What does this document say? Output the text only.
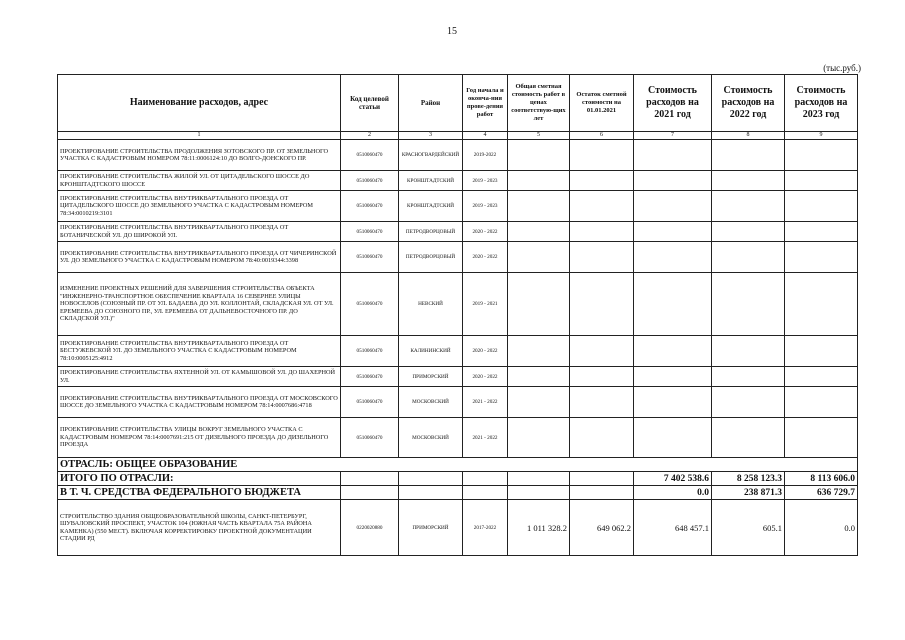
15
(тыс.руб.)
Наименование расходов, адрес	Код целевой статьи	Район	Год начала и оконча-ния прове-дения работ	Общая сметная стоимость работ в ценах соответствую-щих лет	Остаток сметной стоимости на 01.01.2021	Стоимость расходов на 2021 год	Стоимость расходов на 2022 год	Стоимость расходов на 2023 год
1	2	3	4	5	6	7	8	9
ПРОЕКТИРОВАНИЕ СТРОИТЕЛЬСТВА ПРОДОЛЖЕНИЯ ЗОТОВСКОГО ПР. ОТ ЗЕМЕЛЬНОГО УЧАСТКА С КАДАСТРОВЫМ НОМЕРОМ 78:11:0006124:10 ДО ВОЛГО-ДОНСКОГО ПР.	0510060470	КРАСНОГВАРДЕЙСКИЙ	2019-2022					
ПРОЕКТИРОВАНИЕ СТРОИТЕЛЬСТВА ЖИЛОЙ УЛ. ОТ ЦИТАДЕЛЬСКОГО ШОССЕ ДО КРОНШТАДТСКОГО ШОССЕ	0510060470	КРОНШТАДТСКИЙ	2019 - 2023					
ПРОЕКТИРОВАНИЕ СТРОИТЕЛЬСТВА ВНУТРИКВАРТАЛЬНОГО ПРОЕЗДА ОТ ЦИТАДЕЛЬСКОГО ШОССЕ ДО ЗЕМЕЛЬНОГО УЧАСТКА С КАДАСТРОВЫМ НОМЕРОМ 78:34:0010219:3101	0510060470	КРОНШТАДТСКИЙ	2019 - 2023					
ПРОЕКТИРОВАНИЕ СТРОИТЕЛЬСТВА ВНУТРИКВАРТАЛЬНОГО ПРОЕЗДА ОТ БОТАНИЧЕСКОЙ УЛ. ДО ШИРОКОЙ УЛ.	0510060470	ПЕТРОДВОРЦОВЫЙ	2020 - 2022					
ПРОЕКТИРОВАНИЕ СТРОИТЕЛЬСТВА ВНУТРИКВАРТАЛЬНОГО ПРОЕЗДА ОТ ЧИЧЕРИНСКОЙ УЛ. ДО ЗЕМЕЛЬНОГО УЧАСТКА С КАДАСТРОВЫМ НОМЕРОМ 78:40:0019344:3398	0510060470	ПЕТРОДВОРЦОВЫЙ	2020 - 2022					
ИЗМЕНЕНИЕ ПРОЕКТНЫХ РЕШЕНИЙ ДЛЯ ЗАВЕРШЕНИЯ СТРОИТЕЛЬСТВА ОБЪЕКТА "ИНЖЕНЕРНО-ТРАНСПОРТНОЕ ОБЕСПЕЧЕНИЕ КВАРТАЛА 16 СЕВЕРНЕЕ УЛИЦЫ НОВОСЕЛОВ (СОЮЗНЫЙ ПР. ОТ УЛ. БАДАЕВА ДО УЛ. КОЛЛОНТАЙ, СКЛАДСКАЯ УЛ. ОТ УЛ. ЕРЕМЕЕВА ДО СОЮЗНОГО ПР., УЛ. ЕРЕМЕЕВА ОТ ДАЛЬНЕВОСТОЧНОГО ПР. ДО СКЛАДСКОЙ УЛ.)"	0510060470	НЕВСКИЙ	2019 - 2021					
ПРОЕКТИРОВАНИЕ СТРОИТЕЛЬСТВА ВНУТРИКВАРТАЛЬНОГО ПРОЕЗДА ОТ БЕСТУЖЕВСКОЙ УЛ. ДО ЗЕМЕЛЬНОГО УЧАСТКА С КАДАСТРОВЫМ НОМЕРОМ 78:10:0005125:4912	0510060470	КАЛИНИНСКИЙ	2020 - 2022					
ПРОЕКТИРОВАНИЕ СТРОИТЕЛЬСТВА ЯХТЕННОЙ УЛ. ОТ КАМЫШОВОЙ УЛ. ДО ШАХЕРНОЙ УЛ.	0510060470	ПРИМОРСКИЙ	2020 - 2022					
ПРОЕКТИРОВАНИЕ СТРОИТЕЛЬСТВА ВНУТРИКВАРТАЛЬНОГО ПРОЕЗДА ОТ МОСКОВСКОГО ШОССЕ ДО ЗЕМЕЛЬНОГО УЧАСТКА С КАДАСТРОВЫМ НОМЕРОМ 78:14:0007686:4718	0510060470	МОСКОВСКИЙ	2021 - 2022					
ПРОЕКТИРОВАНИЕ СТРОИТЕЛЬСТВА УЛИЦЫ ВОКРУГ ЗЕМЕЛЬНОГО УЧАСТКА С КАДАСТРОВЫМ НОМЕРОМ 78:14:0007691:215 ОТ ДИЗЕЛЬНОГО ПРОЕЗДА ДО ДИЗЕЛЬНОГО ПРОЕЗДА	0510060470	МОСКОВСКИЙ	2021 - 2022					
ОТРАСЛЬ: ОБЩЕЕ ОБРАЗОВАНИЕ								
ИТОГО ПО ОТРАСЛИ:						7 402 538.6	8 258 123.3	8 113 606.0
В Т. Ч. СРЕДСТВА ФЕДЕРАЛЬНОГО БЮДЖЕТА						0.0	238 871.3	636 729.7
СТРОИТЕЛЬСТВО ЗДАНИЯ ОБЩЕОБРАЗОВАТЕЛЬНОЙ ШКОЛЫ, САНКТ-ПЕТЕРБУРГ, ШУВАЛОВСКИЙ ПРОСПЕКТ, УЧАСТОК 104 (ЮЖНАЯ ЧАСТЬ КВАРТАЛА 75А РАЙОНА КАМЕНКА) (550 МЕСТ). ВКЛЮЧАЯ КОРРЕКТИРОВКУ ПРОЕКТНОЙ ДОКУМЕНТАЦИИ СТАДИИ РД	0220020880	ПРИМОРСКИЙ	2017-2022	1 011 328.2	649 062.2	648 457.1	605.1	0.0
